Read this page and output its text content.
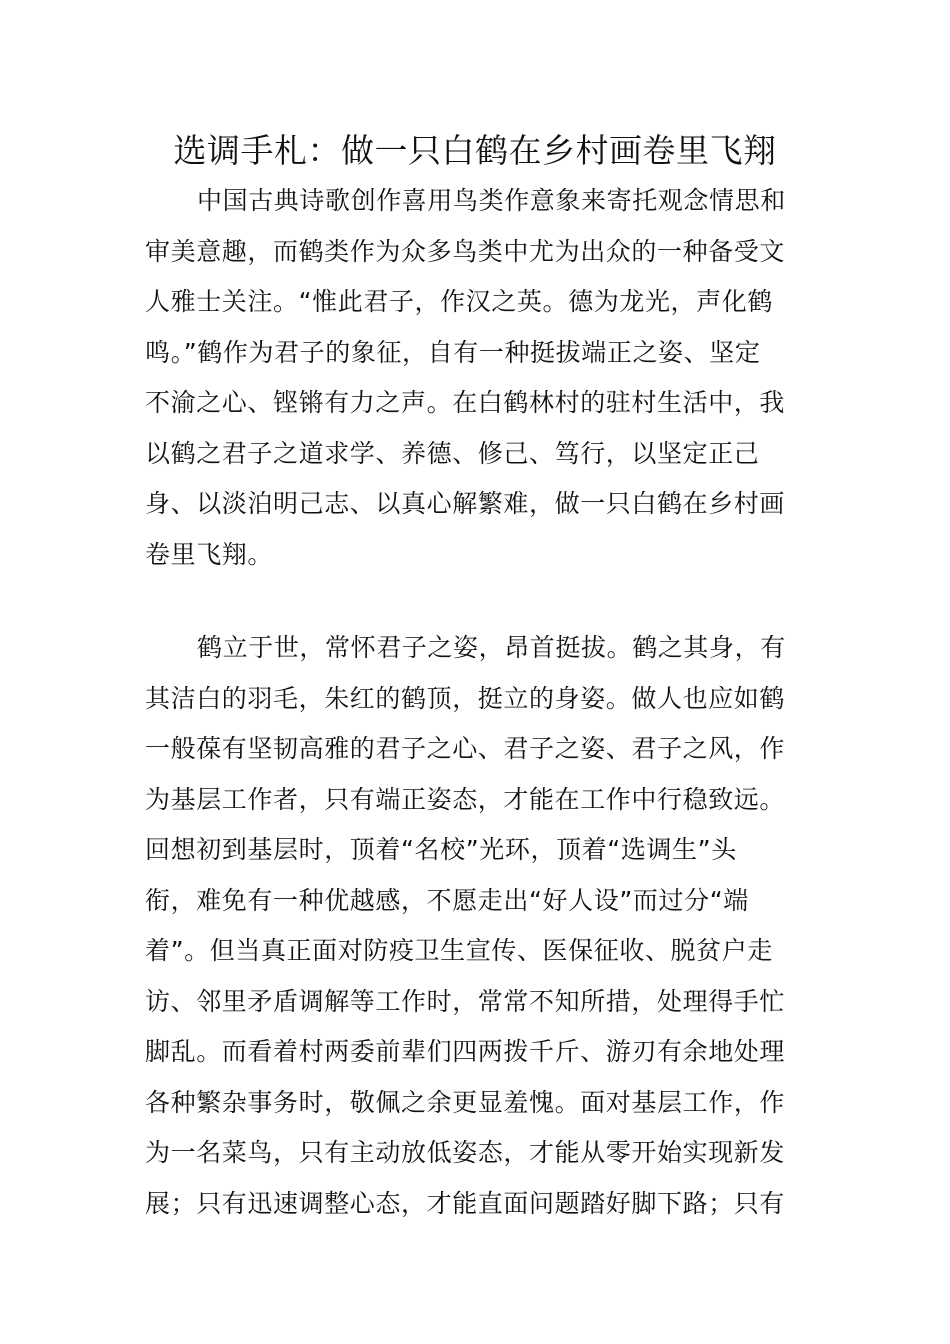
选调手札：做一只白鹤在乡村画卷里飞翔
中国古典诗歌创作喜用鸟类作意象来寄托观念情思和
审美意趣，而鹤类作为众多鸟类中尤为出众的一种备受文
人雅士关注。“惟此君子，作汉之英。德为龙光，声化鹤
鸣。”鹤作为君子的象征，自有一种挺拔端正之姿、坚定
不渝之心、铿锵有力之声。在白鹤林村的驻村生活中，我
以鹤之君子之道求学、养德、修己、笃行，以坚定正己
身、以淡泊明己志、以真心解繁难，做一只白鹤在乡村画
卷里飞翔。
鹤立于世，常怀君子之姿，昂首挺拔。鹤之其身，有
其洁白的羽毛，朱红的鹤顶，挺立的身姿。做人也应如鹤
一般葆有坚韧高雅的君子之心、君子之姿、君子之风，作
为基层工作者，只有端正姿态，才能在工作中行稳致远。
回想初到基层时，顶着“名校”光环，顶着“选调生”头
衔，难免有一种优越感，不愿走出“好人设”而过分“端
着”。但当真正面对防疫卫生宣传、医保征收、脱贫户走
访、邻里矛盾调解等工作时，常常不知所措，处理得手忙
脚乱。而看着村两委前辈们四两拨千斤、游刃有余地处理
各种繁杂事务时，敬佩之余更显羞愧。面对基层工作，作
为一名菜鸟，只有主动放低姿态，才能从零开始实现新发
展；只有迅速调整心态，才能直面问题踏好脚下路；只有
